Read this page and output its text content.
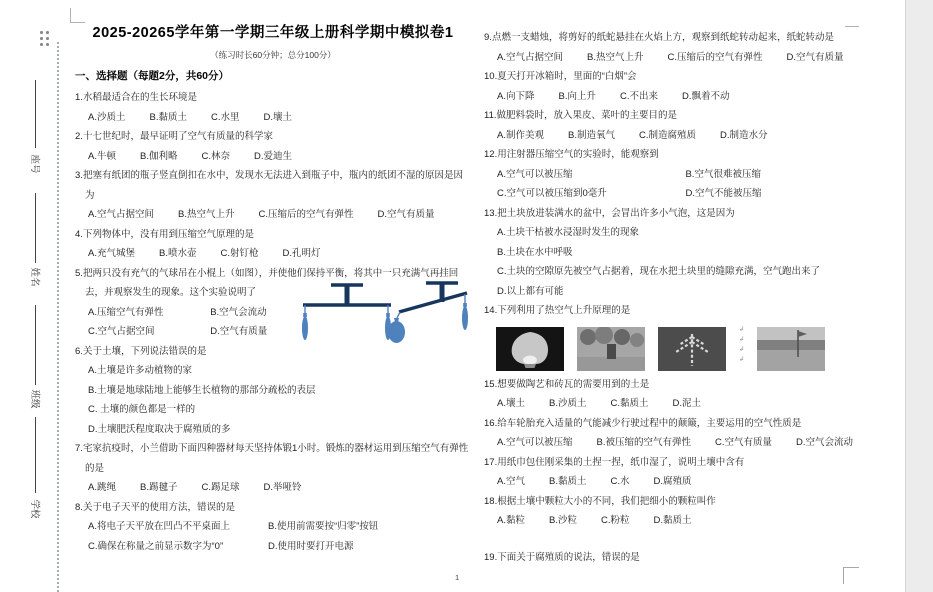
座号
姓名
班级
学校
2025-20265学年第一学期三年级上册科学期中模拟卷1
（练习时长60分钟；总分100分）
一、选择题（每题2分，共60分）
1.水稻最适合在的生长环境是
A.沙质土	B.黏质土	C.水里	D.壤土
2.十七世纪时，最早证明了空气有质量的科学家
A.牛顿	B.伽利略	C.林奈	D.爱迪生
3.把塞有纸团的瓶子竖直倒扣在水中，发现水无法进入到瓶子中，瓶内的纸团不湿的原因是因为
A.空气占据空间	B.热空气上升	C.压缩后的空气有弹性	D.空气有质量
4.下列物体中，没有用到压缩空气原理的是
A.充气城堡	B.喷水壶	C.射钉枪	D.孔明灯
5.把两只没有充气的气球吊在小棍上（如图），并使他们保持平衡，将其中一只充满气再挂回去，并观察发生的现象。这个实验说明了
A.压缩空气有弹性	B.空气会流动
C.空气占据空间	D.空气有质量
6.关于土壤，下列说法错误的是
A.土壤是许多动植物的家
B.土壤是地球陆地上能够生长植物的那部分疏松的表层
C. 土壤的颜色都是一样的
D.土壤肥沃程度取决于腐殖质的多
7.宅家抗疫时，小兰借助下面四种器材每天坚持体锻1小时。锻炼的器材运用到压缩空气有弹性的是
A.跳绳	B.踢毽子	C.踢足球	D.举哑铃
8.关于电子天平的使用方法，错误的是
A.将电子天平放在凹凸不平桌面上	B.使用前需要按“归零”按钮
C.确保在称量之前显示数字为“0”	D.使用时要打开电源
9.点燃一支蜡烛，将剪好的纸蛇悬挂在火焰上方，观察到纸蛇转动起来，纸蛇转动是
A.空气占据空间	B.热空气上升	C.压缩后的空气有弹性	D.空气有质量
10.夏天打开冰箱时，里面的“白烟”会
A.向下降	B.向上升	C.不出来	D.飘着不动
11.做肥料袋时，放入果皮、菜叶的主要目的是
A.制作美观	B.制造氧气	C.制造腐殖质	D.制造水分
12.用注射器压缩空气的实验时，能观察到
A.空气可以被压缩	B.空气很难被压缩
C.空气可以被压缩到0毫升	D.空气不能被压缩
13.把土块放进装满水的盆中，会冒出许多小气泡，这是因为
A.土块干枯被水浸湿时发生的现象
B.土块在水中呼吸
C.土块的空隙原先被空气占据着，现在水把土块里的缝隙充满，空气跑出来了
D.以上都有可能
14.下列利用了热空气上升原理的是
↲
↲
↲
↲
15.想要做陶艺和砖瓦的需要用到的土是
A.壤土	B.沙质土	C.黏质土	D.泥土
16.给车轮胎充入适量的气能减少行驶过程中的颠簸，主要运用的空气性质是
A.空气可以被压缩	B.被压缩的空气有弹性	C.空气有质量	D.空气会流动
17.用纸巾包住刚采集的土捏一捏，纸巾湿了，说明土壤中含有
A.空气	B.黏质土	C.水	D.腐殖质
18.根据土壤中颗粒大小的不同，我们把细小的颗粒叫作
A.黏粒	B.沙粒	C.粉粒	D.黏质土
19.下面关于腐殖质的说法，错误的是
1
